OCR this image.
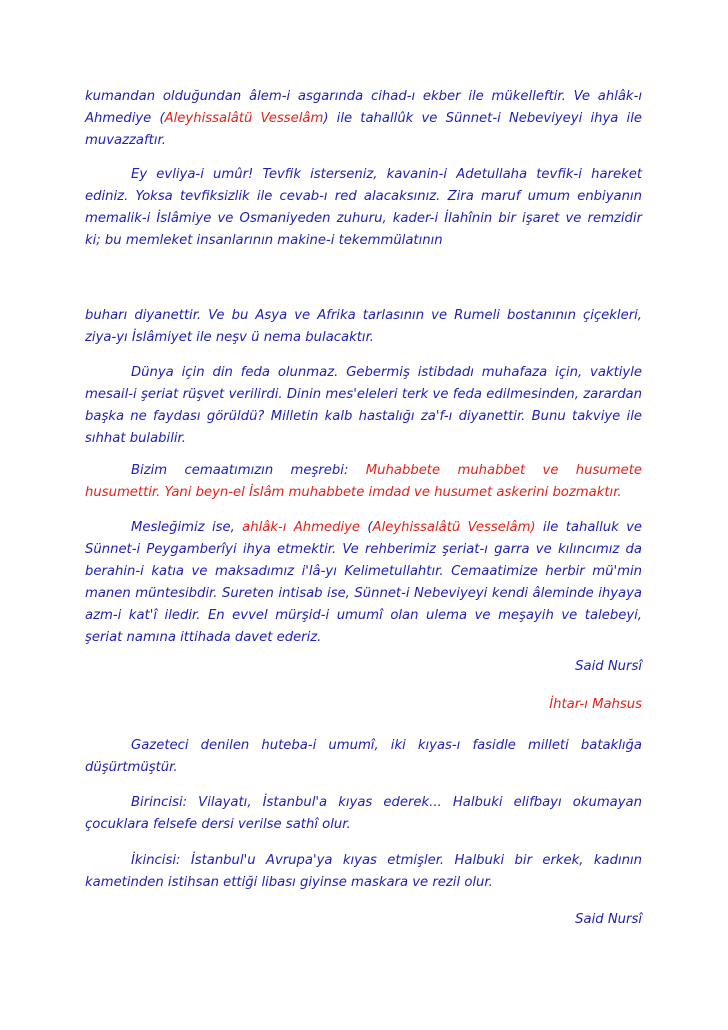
kumandan olduğundan âlem-i asgarında cihad-ı ekber ile mükelleftir. Ve ahlâk-ı Ahmediye (Aleyhissalâtü Vesselâm) ile tahallûk ve Sünnet-i Nebeviyeyi ihya ile muvazzaftır.

Ey evliya-i umûr! Tevfik isterseniz, kavanin-i Adetullaha tevfik-i hareket ediniz. Yoksa tevfiksizlik ile cevab-ı red alacaksınız. Zira maruf umum enbiyanın memalik-i İslâmiye ve Osmaniyeden zuhuru, kader-i İlahînin bir işaret ve remzidir ki; bu memleket insanlarının makine-i tekemmülatının

buharı diyanettir. Ve bu Asya ve Afrika tarlasının ve Rumeli bostanının çiçekleri, ziya-yı İslâmiyet ile neşv ü nema bulacaktır.

Dünya için din feda olunmaz. Gebermiş istibdadı muhafaza için, vaktiyle mesail-i şeriat rüşvet verilirdi. Dinin mes'eleleri terk ve feda edilmesinden, zarardan başka ne faydası görüldü? Milletin kalb hastalığı za'f-ı diyanettir. Bunu takviye ile sıhhat bulabilir.

Bizim cemaatımızın meşrebi: Muhabbete muhabbet ve husumete husumettir. Yani beyn-el İslâm muhabbete imdad ve husumet askerini bozmaktır.

Mesleğimiz ise, ahlâk-ı Ahmediye (Aleyhissalâtü Vesselâm) ile tahalluk ve Sünnet-i Peygamberîyi ihya etmektir. Ve rehberimiz şeriat-ı garra ve kılıncımız da berahin-i katıa ve maksadımız i'lâ-yı Kelimetullahtır. Cemaatimize herbir mü'min manen müntesibdir. Sureten intisab ise, Sünnet-i Nebeviyeyi kendi âleminde ihyaya azm-i kat'î iledir. En evvel mürşid-i umumî olan ulema ve meşayih ve talebeyi, şeriat namına ittihada davet ederiz.

Said Nursî

İhtar-ı Mahsus

Gazeteci denilen huteba-i umumî, iki kıyas-ı fasidle milleti bataklığa düşürtmüştür.

Birincisi: Vilayatı, İstanbul'a kıyas ederek... Halbuki elifbayı okumayan çocuklara felsefe dersi verilse sathî olur.

İkincisi: İstanbul'u Avrupa'ya kıyas etmişler. Halbuki bir erkek, kadının kametinden istihsan ettiği libası giyinse maskara ve rezil olur.

Said Nursî
